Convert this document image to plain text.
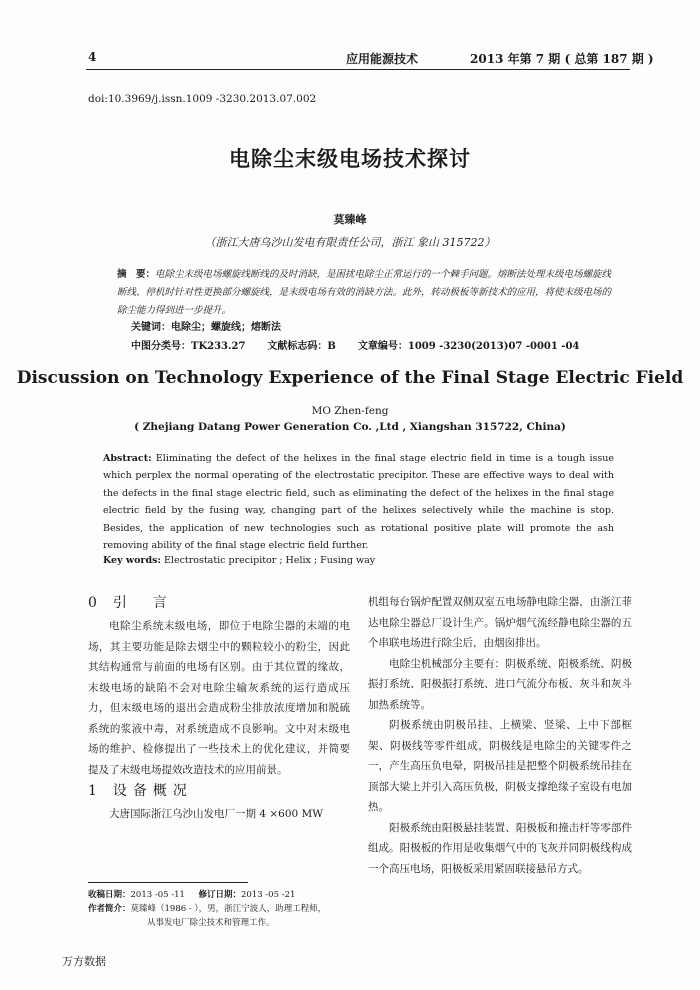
4	应用能源技术	2013 年第 7 期 ( 总第 187 期 )
doi:10.3969/j.issn.1009 -3230.2013.07.002
电除尘末级电场技术探讨
莫臻峰
（浙江大唐乌沙山发电有限责任公司，浙江 象山 315722）
摘　要：电除尘末级电场螺旋线断线的及时消缺，是困扰电除尘正常运行的一个棘手问题。熔断法处理末级电场螺旋线断线、停机时针对性更换部分螺旋线，是末级电场有效的消缺方法。此外，转动极板等新技术的应用，将使末级电场的除尘能力得到进一步提升。
关键词：电除尘；螺旋线；熔断法
中图分类号：TK233.27 文献标志码：B 文章编号：1009 -3230(2013)07 -0001 -04
Discussion on Technology Experience of the Final Stage Electric Field
MO Zhen-feng
( Zhejiang Datang Power Generation Co. ,Ltd , Xiangshan 315722, China)
Abstract: Eliminating the defect of the helixes in the final stage electric field in time is a tough issue which perplex the normal operating of the electrostatic precipitor. These are effective ways to deal with the defects in the final stage electric field, such as eliminating the defect of the helixes in the final stage electric field by the fusing way, changing part of the helixes selectively while the machine is stop. Besides, the application of new technologies such as rotational positive plate will promote the ash removing ability of the final stage electric field further.
Key words: Electrostatic precipitor ; Helix ; Fusing way
0 引　言

电除尘系统末级电场，即位于电除尘器的末端的电场，其主要功能是除去烟尘中的颗粒较小的粉尘，因此其结构通常与前面的电场有区别。由于其位置的缘故，末级电场的缺陷不会对电除尘输灰系统的运行造成压力，但末级电场的退出会造成粉尘排放浓度增加和脱硫系统的浆液中毒，对系统造成不良影响。文中对末级电场的维护、检修提出了一些技术上的优化建议，并简要提及了末级电场提效改造技术的应用前景。

1 设备概况

大唐国际浙江乌沙山发电厂一期 4 ×600 MW

机组每台锅炉配置双侧双室五电场静电除尘器，由浙江菲达电除尘器总厂设计生产。锅炉烟气流经静电除尘器的五个串联电场进行除尘后，由烟囱排出。

电除尘机械部分主要有：阴极系统、阳极系统、阴极振打系统、阳极振打系统、进口气流分布板、灰斗和灰斗加热系统等。

阴极系统由阴极吊挂、上横梁、竖梁、上中下部框架、阴极线等零件组成，阴极线是电除尘的关键零件之一，产生高压负电晕，阴极吊挂是把整个阴极系统吊挂在顶部大梁上并引入高压负极，阴极支撑绝缘子室设有电加热。

阳极系统由阳极悬挂装置、阳极板和撞击杆等零部件组成。阳极板的作用是收集烟气中的飞灰并同阴极线构成一个高压电场，阳极板采用紧固联接悬吊方式。

收稿日期：2013 -05 -11 修订日期：2013 -05 -21
作者简介：莫臻峰（1986 - ），男，浙江宁波人，助理工程师，
从事发电厂除尘技术和管理工作。
万方数据
